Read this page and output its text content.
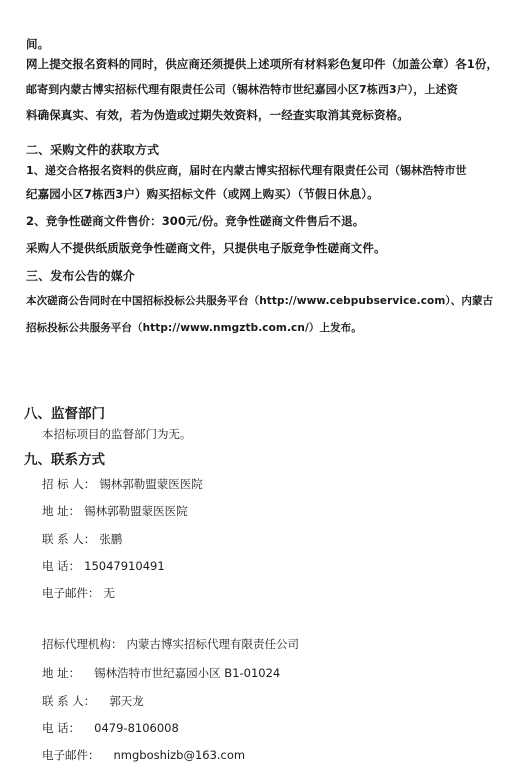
间。
网上提交报名资料的同时，供应商还须提供上述项所有材料彩色复印件（加盖公章）各1份，
邮寄到内蒙古博实招标代理有限责任公司（锡林浩特市世纪嘉园小区7栋西3户），上述资
料确保真实、有效，若为伪造或过期失效资料，一经查实取消其竞标资格。
二、采购文件的获取方式
1、递交合格报名资料的供应商，届时在内蒙古博实招标代理有限责任公司（锡林浩特市世
纪嘉园小区7栋西3户）购买招标文件（或网上购买）（节假日休息）。
2、竞争性磋商文件售价：300元/份。竞争性磋商文件售后不退。
采购人不提供纸质版竞争性磋商文件，只提供电子版竞争性磋商文件。
三、发布公告的媒介
本次磋商公告同时在中国招标投标公共服务平台（http://www.cebpubservice.com）、内蒙古
招标投标公共服务平台（http://www.nmgztb.com.cn/）上发布。
八、监督部门
本招标项目的监督部门为无。
九、联系方式
招 标 人： 锡林郭勒盟蒙医医院
地 址： 锡林郭勒盟蒙医医院
联 系 人： 张鹏
电 话： 15047910491
电子邮件： 无
招标代理机构： 内蒙古博实招标代理有限责任公司
地 址： 锡林浩特市世纪嘉园小区 B1-01024
联 系 人： 郭天龙
电 话： 0479-8106008
电子邮件： nmgboshizb@163.com
